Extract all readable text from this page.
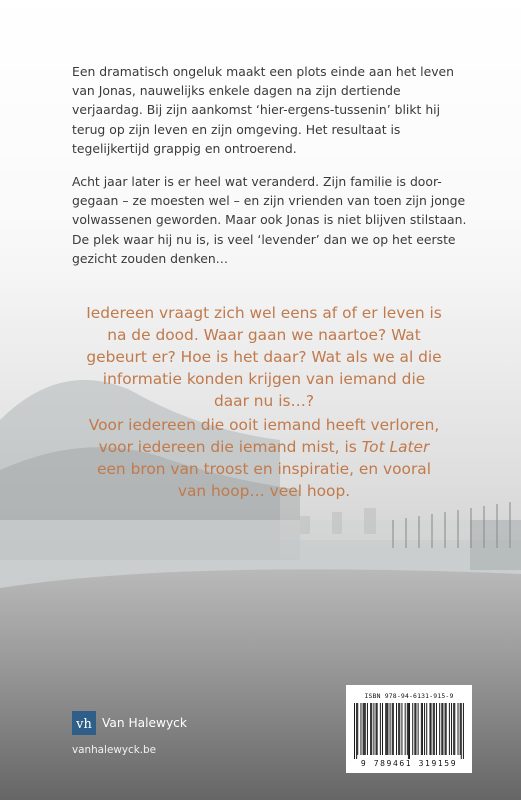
Een dramatisch ongeluk maakt een plots einde aan het leven van Jonas, nauwelijks enkele dagen na zijn dertiende verjaardag. Bij zijn aankomst ‘hier-ergens-tussenin’ blikt hij terug op zijn leven en zijn omgeving. Het resultaat is tegelijkertijd grappig en ontroerend.

Acht jaar later is er heel wat veranderd. Zijn familie is door-gegaan – ze moesten wel – en zijn vrienden van toen zijn jonge volwassenen geworden. Maar ook Jonas is niet blijven stilstaan. De plek waar hij nu is, is veel ‘levender’ dan we op het eerste gezicht zouden denken…

Iedereen vraagt zich wel eens af of er leven is na de dood. Waar gaan we naartoe? Wat gebeurt er? Hoe is het daar? Wat als we al die informatie konden krijgen van iemand die daar nu is…?

Voor iedereen die ooit iemand heeft verloren, voor iedereen die iemand mist, is Tot Later een bron van troost en inspiratie, en vooral van hoop… veel hoop.

ISBN 978-94-6131-915-9
9 789461 319159
vh Van Halewyck
vanhalewyck.be
